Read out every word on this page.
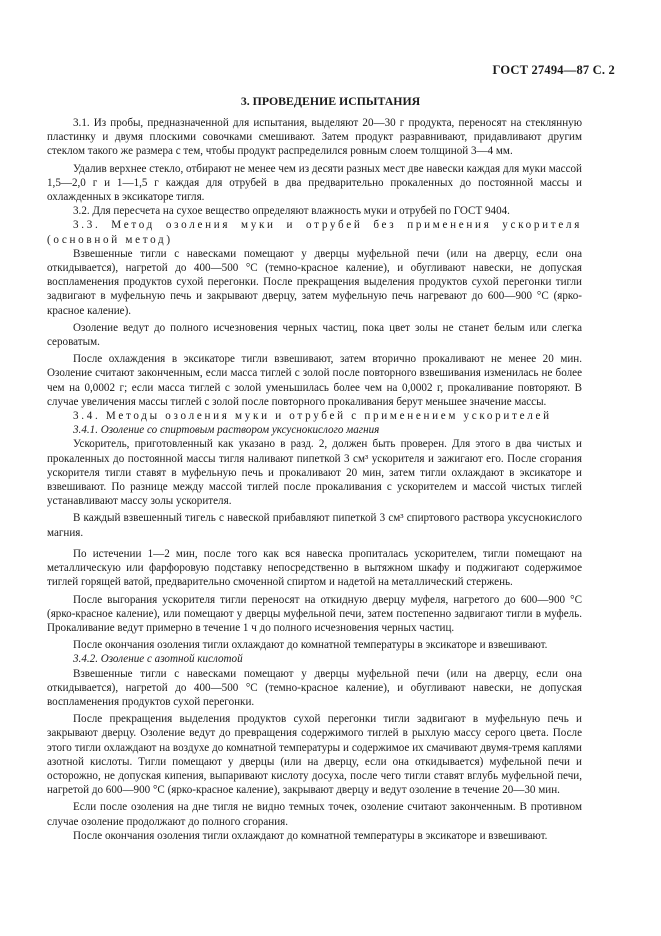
ГОСТ 27494—87 С. 2
3. ПРОВЕДЕНИЕ ИСПЫТАНИЯ

3.1. Из пробы, предназначенной для испытания, выделяют 20—30 г продукта, переносят на стеклянную пластинку и двумя плоскими совочками смешивают. Затем продукт разравнивают, придавливают другим стеклом такого же размера с тем, чтобы продукт распределился ровным слоем толщиной 3—4 мм.

Удалив верхнее стекло, отбирают не менее чем из десяти разных мест две навески каждая для муки массой 1,5—2,0 г и 1—1,5 г каждая для отрубей в два предварительно прокаленных до постоянной массы и охлажденных в эксикаторе тигля.

3.2. Для пересчета на сухое вещество определяют влажность муки и отрубей по ГОСТ 9404.

3.3. Метод озоления муки и отрубей без применения ускорителя (основной метод)

Взвешенные тигли с навесками помещают у дверцы муфельной печи (или на дверцу, если она откидывается), нагретой до 400—500 °С (темно-красное каление), и обугливают навески, не допуская воспламенения продуктов сухой перегонки. После прекращения выделения продуктов сухой перегонки тигли задвигают в муфельную печь и закрывают дверцу, затем муфельную печь нагревают до 600—900 °С (ярко-красное каление).

Озоление ведут до полного исчезновения черных частиц, пока цвет золы не станет белым или слегка сероватым.

После охлаждения в эксикаторе тигли взвешивают, затем вторично прокаливают не менее 20 мин. Озоление считают законченным, если масса тиглей с золой после повторного взвешивания изменилась не более чем на 0,0002 г; если масса тиглей с золой уменьшилась более чем на 0,0002 г, прокаливание повторяют. В случае увеличения массы тиглей с золой после повторного прокаливания берут меньшее значение массы.

3.4. Методы озоления муки и отрубей с применением ускорителей

3.4.1. Озоление со спиртовым раствором уксуснокислого магния

Ускоритель, приготовленный как указано в разд. 2, должен быть проверен. Для этого в два чистых и прокаленных до постоянной массы тигля наливают пипеткой 3 см³ ускорителя и зажигают его. После сгорания ускорителя тигли ставят в муфельную печь и прокаливают 20 мин, затем тигли охлаждают в эксикаторе и взвешивают. По разнице между массой тиглей после прокаливания с ускорителем и массой чистых тиглей устанавливают массу золы ускорителя.

В каждый взвешенный тигель с навеской прибавляют пипеткой 3 см³ спиртового раствора уксуснокислого магния.

По истечении 1—2 мин, после того как вся навеска пропиталась ускорителем, тигли помещают на металлическую или фарфоровую подставку непосредственно в вытяжном шкафу и поджигают содержимое тиглей горящей ватой, предварительно смоченной спиртом и надетой на металлический стержень.

После выгорания ускорителя тигли переносят на откидную дверцу муфеля, нагретого до 600—900 °С (ярко-красное каление), или помещают у дверцы муфельной печи, затем постепенно задвигают тигли в муфель. Прокаливание ведут примерно в течение 1 ч до полного исчезновения черных частиц.

После окончания озоления тигли охлаждают до комнатной температуры в эксикаторе и взвешивают.

3.4.2. Озоление с азотной кислотой

Взвешенные тигли с навесками помещают у дверцы муфельной печи (или на дверцу, если она откидывается), нагретой до 400—500 °С (темно-красное каление), и обугливают навески, не допуская воспламенения продуктов сухой перегонки.

После прекращения выделения продуктов сухой перегонки тигли задвигают в муфельную печь и закрывают дверцу. Озоление ведут до превращения содержимого тиглей в рыхлую массу серого цвета. После этого тигли охлаждают на воздухе до комнатной температуры и содержимое их смачивают двумя-тремя каплями азотной кислоты. Тигли помещают у дверцы (или на дверцу, если она откидывается) муфельной печи и осторожно, не допуская кипения, выпаривают кислоту досуха, после чего тигли ставят вглубь муфельной печи, нагретой до 600—900 °С (ярко-красное каление), закрывают дверцу и ведут озоление в течение 20—30 мин.

Если после озоления на дне тигля не видно темных точек, озоление считают законченным. В противном случае озоление продолжают до полного сгорания.

После окончания озоления тигли охлаждают до комнатной температуры в эксикаторе и взвешивают.
